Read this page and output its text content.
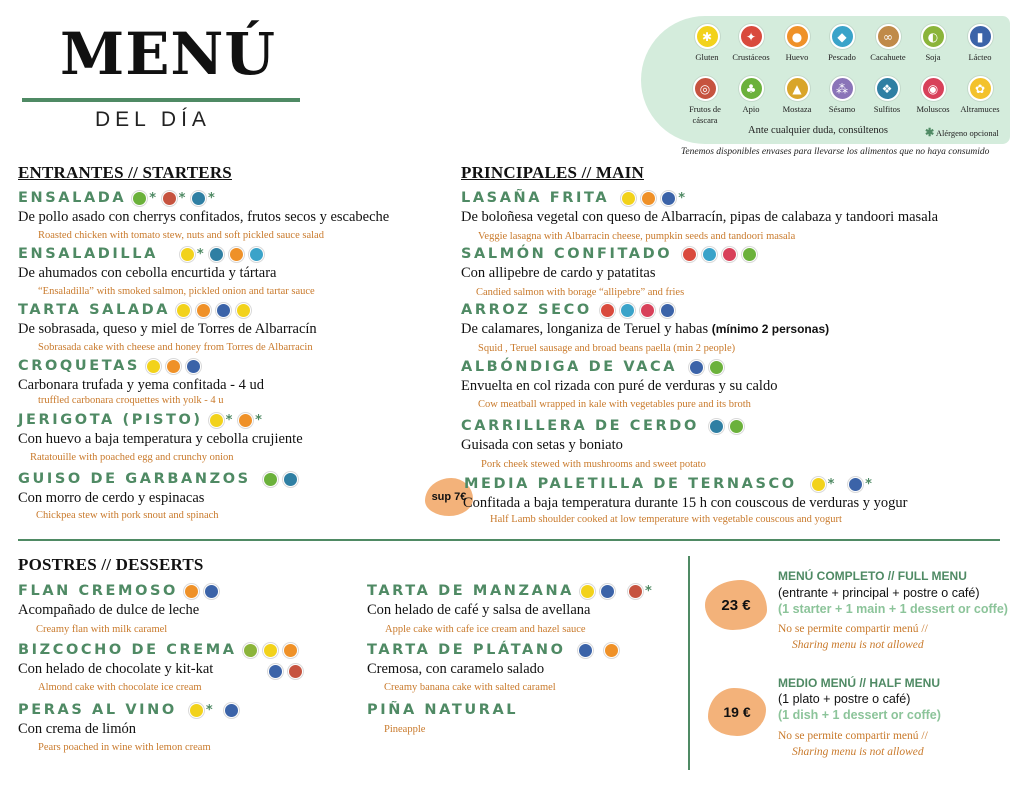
MENÚ
DEL DÍA
✱
Gluten
✦
Crustáceos
●
Huevo
◆
Pescado
∞
Cacahuete
◐
Soja
▮
Lácteo
◎
Frutos de cáscara
♣
Apio
▲
Mostaza
⁂
Sésamo
❖
Sulfitos
◉
Moluscos
✿
Altramuces
Ante cualquier duda, consúltenos	✱ Alérgeno opcional
Tenemos disponibles envases para llevarse los alimentos que no haya consumido
ENTRANTES // STARTERS
ENSALADA * * *
De pollo asado con cherrys confitados, frutos secos y escabeche
Roasted chicken with tomato stew, nuts and soft pickled sauce salad
ENSALADILLA	*
De ahumados con cebolla encurtida y tártara
“Ensaladilla” with smoked salmon, pickled onion and tartar sauce
TARTA SALADA
De sobrasada, queso y miel de Torres de Albarracín
Sobrasada cake with cheese and honey from Torres de Albarracin
CROQUETAS
Carbonara trufada y yema confitada - 4 ud
truffled carbonara croquettes with yolk - 4 u
JERIGOTA (PISTO) * *
Con huevo a baja temperatura y cebolla crujiente
Ratatouille with poached egg and crunchy onion
GUISO DE GARBANZOS
Con morro de cerdo y espinacas
Chickpea stew with pork snout and spinach
PRINCIPALES // MAIN
LASAÑA FRITA	*
De boloñesa vegetal con queso de Albarracín, pipas de calabaza y tandoori masala
Veggie lasagna with Albarracin cheese, pumpkin seeds and tandoori masala
SALMÓN CONFITADO
Con allipebre de cardo y patatitas
Candied salmon with borage “allipebre” and fries
ARROZ SECO
De calamares, longaniza de Teruel y habas (mínimo 2 personas)
Squid , Teruel sausage and broad beans paella (min 2 people)
ALBÓNDIGA DE VACA
Envuelta en col rizada con puré de verduras y su caldo
Cow meatball wrapped in kale with vegetables pure and its broth
CARRILLERA DE CERDO
Guisada con setas y boniato
Pork cheek stewed with mushrooms and sweet potato
sup 7€
MEDIA PALETILLA DE TERNASCO * *
Confitada a baja temperatura durante 15 h con couscous de verduras y yogur
Half Lamb shoulder cooked at low temperature with vegetable couscous and yogurt
POSTRES // DESSERTS
FLAN CREMOSO
Acompañado de dulce de leche
Creamy flan with milk caramel
BIZCOCHO DE CREMA
Con helado de chocolate y kit-kat
Almond cake with chocolate ice cream
PERAS AL VINO *
Con crema de limón
Pears poached in wine with lemon cream
TARTA DE MANZANA	*
Con helado de café y salsa de avellana
Apple cake with cafe ice cream and hazel sauce
TARTA DE PLÁTANO
Cremosa, con caramelo salado
Creamy banana cake with salted caramel
PIÑA NATURAL
Pineapple
23 €
MENÚ COMPLETO // FULL MENU
(entrante + principal + postre o café)
(1 starter + 1 main + 1 dessert or coffe)
No se permite compartir menú //
Sharing menu is not allowed
19 €
MEDIO MENÚ // HALF MENU
(1 plato + postre o café)
(1 dish + 1 dessert or coffe)
No se permite compartir menú //
Sharing menu is not allowed
